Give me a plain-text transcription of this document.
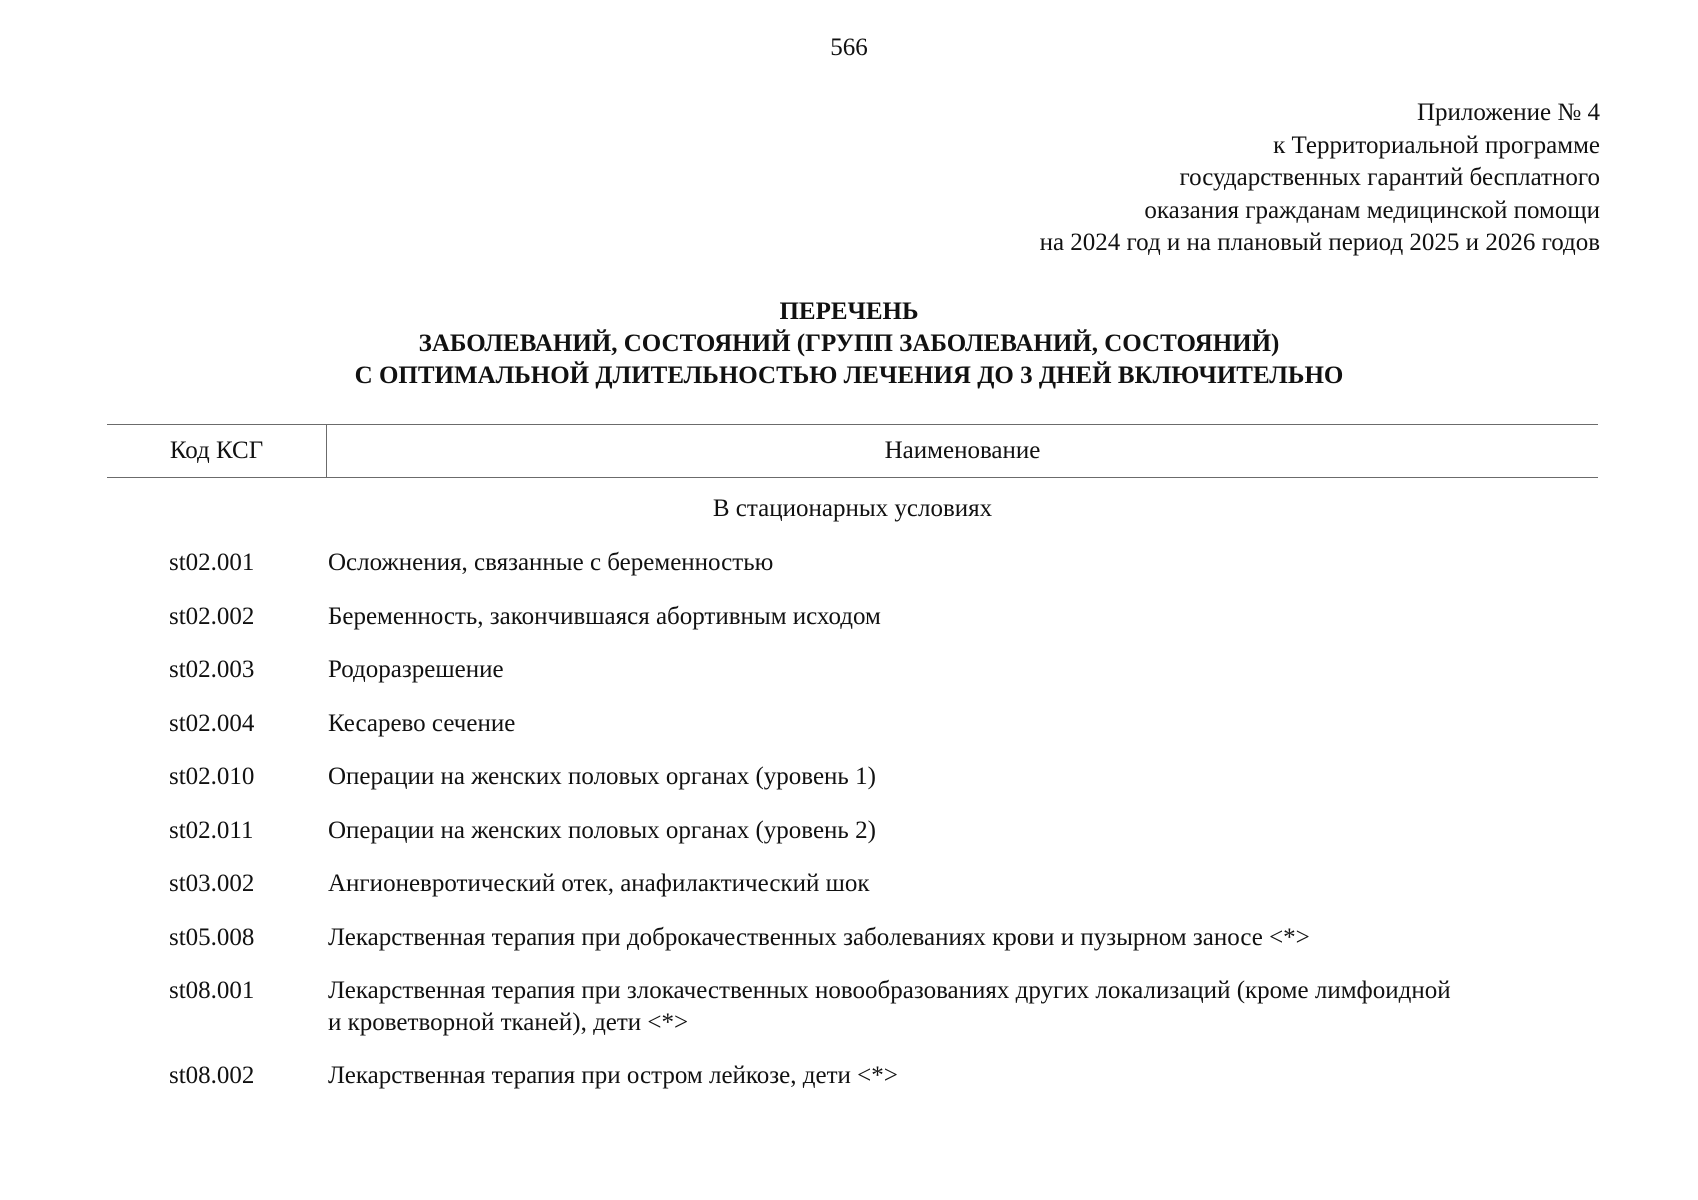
566
Приложение № 4
к Территориальной программе
государственных гарантий бесплатного
оказания гражданам медицинской помощи
на 2024 год и на плановый период 2025 и 2026 годов
ПЕРЕЧЕНЬ
ЗАБОЛЕВАНИЙ, СОСТОЯНИЙ (ГРУПП ЗАБОЛЕВАНИЙ, СОСТОЯНИЙ)
С ОПТИМАЛЬНОЙ ДЛИТЕЛЬНОСТЬЮ ЛЕЧЕНИЯ ДО 3 ДНЕЙ ВКЛЮЧИТЕЛЬНО
Код КСГ	Наименование
В стационарных условиях
st02.001	Осложнения, связанные с беременностью
st02.002	Беременность, закончившаяся абортивным исходом
st02.003	Родоразрешение
st02.004	Кесарево сечение
st02.010	Операции на женских половых органах (уровень 1)
st02.011	Операции на женских половых органах (уровень 2)
st03.002	Ангионевротический отек, анафилактический шок
st05.008	Лекарственная терапия при доброкачественных заболеваниях крови и пузырном заносе <*>
st08.001	Лекарственная терапия при злокачественных новообразованиях других локализаций (кроме лимфоидной и кроветворной тканей), дети <*>
st08.002	Лекарственная терапия при остром лейкозе, дети <*>
